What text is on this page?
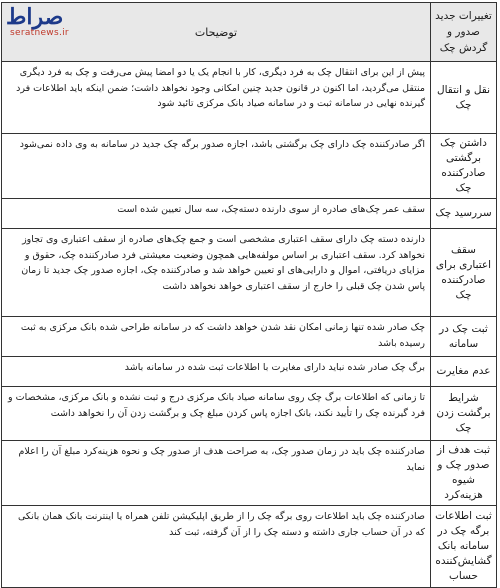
تغییرات جدید صدور و گردش چک	توضیحات
نقل و انتقال چک	پیش از این برای انتقال چک به فرد دیگری، کار با انجام یک یا دو امضا پیش می‌رفت و چک به فرد دیگری منتقل می‌گردید، اما اکنون در قانون جدید چنین امکانی وجود نخواهد داشت؛ ضمن اینکه باید اطلاعات فرد گیرنده نهایی در سامانه ثبت و در سامانه صیاد بانک مرکزی تائید شود
داشتن چک برگشتی صادرکننده چک	اگر صادرکننده چک دارای چک برگشتی باشد، اجازه صدور برگه چک جدید در سامانه به وی داده نمی‌شود
سررسید چک	سقف عمر چک‌های صادره از سوی دارنده دسته‌چک، سه سال تعیین شده است
سقف اعتباری برای صادرکننده چک	دارنده دسته چک دارای سقف اعتباری مشخصی است و جمع چک‌های صادره از سقف اعتباری وی تجاوز نخواهد کرد. سقف اعتباری بر اساس مولفه‌هایی همچون وضعیت معیشتی فرد صادرکننده چک، حقوق و مزایای دریافتی، اموال و دارایی‌های او تعیین خواهد شد و صادرکننده چک، اجازه صدور چک جدید تا زمان پاس شدن چک قبلی را خارج از سقف اعتباری خواهد نخواهد داشت
ثبت چک در سامانه	چک صادر شده تنها زمانی امکان نقد شدن خواهد داشت که در سامانه طراحی شده بانک مرکزی به ثبت رسیده باشد
عدم مغایرت	برگ چک صادر شده نباید دارای مغایرت با اطلاعات ثبت شده در سامانه باشد
شرایط برگشت زدن چک	تا زمانی که اطلاعات برگ چک روی سامانه صیاد بانک مرکزی درج و ثبت نشده و بانک مرکزی، مشخصات و فرد گیرنده چک را تأیید نکند، بانک اجازه پاس کردن مبلغ چک و برگشت زدن آن را نخواهد داشت
ثبت هدف از صدور چک و شیوه هزینه‌کرد	صادرکننده چک باید در زمان صدور چک، به صراحت هدف از صدور چک و نحوه هزینه‌کرد مبلغ آن را اعلام نماید
ثبت اطلاعات برگه چک در سامانه بانک گشایش‌کننده حساب	صادرکننده چک باید اطلاعات روی برگه چک را از طریق اپلیکیشن تلفن همراه یا اینترنت بانک همان بانکی که در آن حساب جاری داشته و دسته چک را از آن گرفته، ثبت کند
صراط
seratnews.ir
